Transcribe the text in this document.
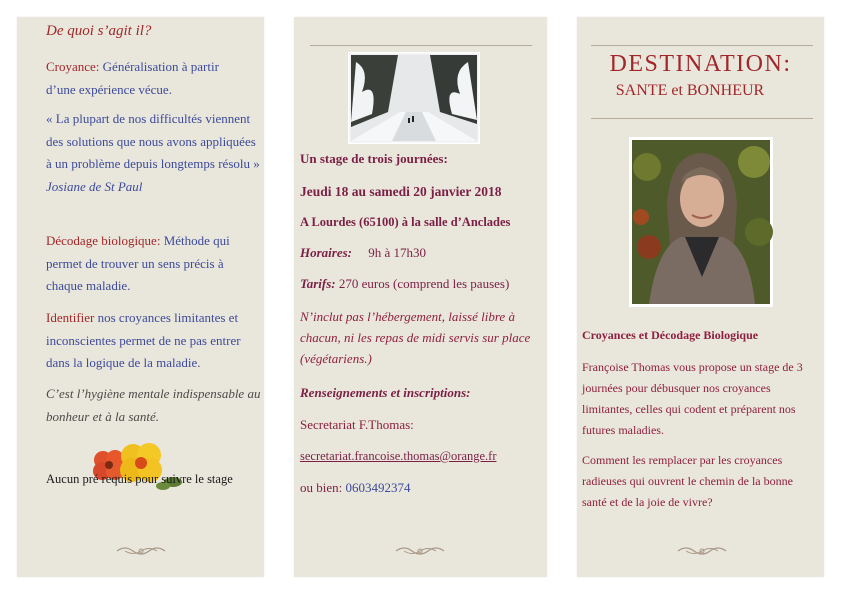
De quoi s’agit il?
Croyance: Généralisation à partir d’une expérience vécue.
« La plupart de nos difficultés viennent des solutions que nous avons appliquées à un problème depuis longtemps résolu » Josiane de St Paul
Décodage biologique: Méthode qui permet de trouver un sens précis à chaque maladie.
Identifier nos croyances limitantes et inconscientes permet de ne pas entrer dans la logique de la maladie.
C’est l’hygiène mentale indispensable au bonheur et à la santé.
Aucun pré requis pour suivre le stage
Un stage de trois journées:
Jeudi 18 au samedi 20 janvier 2018
A Lourdes (65100) à la salle d’Anclades
Horaires: 9h à 17h30
Tarifs: 270 euros (comprend les pauses)
N’inclut pas l’hébergement, laissé libre à chacun, ni les repas de midi servis sur place (végétariens.)
Renseignements et inscriptions:
Secretariat F.Thomas:
secretariat.francoise.thomas@orange.fr
ou bien: 0603492374
DESTINATION:
SANTE et BONHEUR
Croyances et Décodage Biologique
Françoise Thomas vous propose un stage de 3 journées pour débusquer nos croyances limitantes, celles qui codent et préparent nos futures maladies.
Comment les remplacer par les croyances radieuses qui ouvrent le chemin de la bonne santé et de la joie de vivre?
